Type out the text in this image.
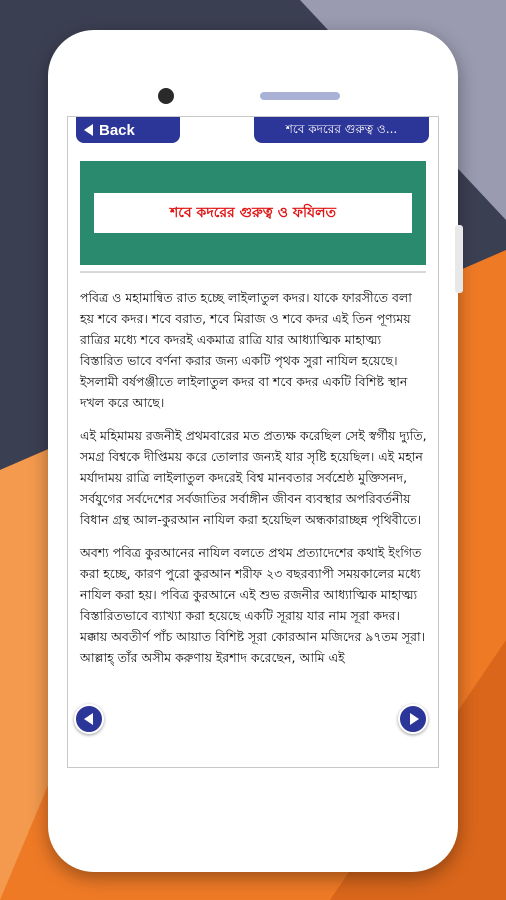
Back	শবে কদরের গুরুত্ব ও...
শবে কদরের গুরুত্ব ও ফযিলত

পবিত্র ও মহামান্বিত রাত হচ্ছে লাইলাতুল কদর। যাকে ফারসীতে বলা হয় শবে কদর। শবে বরাত, শবে মিরাজ ও শবে কদর এই তিন পূণ্যময় রাত্রির মধ্যে শবে কদরই একমাত্র রাত্রি যার আধ্যাত্মিক মাহাত্ম্য বিস্তারিত ভাবে বর্ণনা করার জন্য একটি পৃথক সুরা নাযিল হয়েছে। ইসলামী বর্ষপঞ্জীতে লাইলাতুল কদর বা শবে কদর একটি বিশিষ্ট স্থান দখল করে আছে।

এই মহিমাময় রজনীই প্রথমবারের মত প্রত্যক্ষ করেছিল সেই স্বর্গীয় দ্যুতি, সমগ্র বিশ্বকে দীপ্তিময় করে তোলার জন্যই যার সৃষ্টি হয়েছিল। এই মহান মর্যাদাময় রাত্রি লাইলাতুল কদরেই বিশ্ব মানবতার সর্বশ্রেষ্ঠ মুক্তিসনদ, সর্বযুগের সর্বদেশের সর্বজাতির সর্বাঙ্গীন জীবন ব্যবস্থার অপরিবর্তনীয় বিধান গ্রন্থ আল-কুরআন নাযিল করা হয়েছিল অন্ধকারাচ্ছন্ন পৃথিবীতে।

অবশ্য পবিত্র কুরআনের নাযিল বলতে প্রথম প্রত্যাদেশের কথাই ইংগিত করা হচ্ছে, কারণ পুরো কুরআন শরীফ ২৩ বছরব্যাপী সময়কালের মধ্যে নাযিল করা হয়। পবিত্র কুরআনে এই শুভ রজনীর আধ্যাত্মিক মাহাত্ম্য বিস্তারিতভাবে ব্যাখ্যা করা হয়েছে একটি সূরায় যার নাম সূরা কদর। মক্কায় অবতীর্ণ পাঁচ আয়াত বিশিষ্ট সূরা কোরআন মজিদের ৯৭তম সূরা। আল্লাহ্‌ তাঁর অসীম করুণায় ইরশাদ করেছেন, আমি এই
